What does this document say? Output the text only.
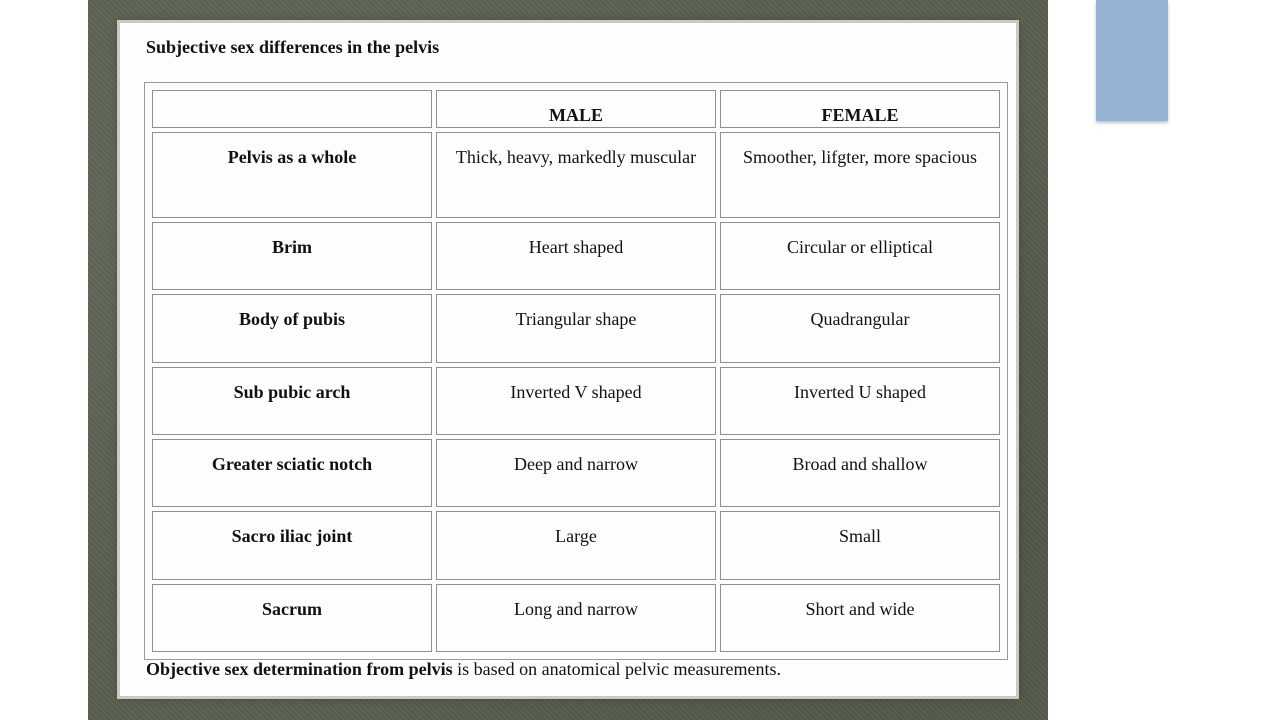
Subjective sex differences in the pelvis

	MALE	FEMALE
Pelvis as a whole	Thick, heavy, markedly muscular	Smoother, lifgter, more spacious
Brim	Heart shaped	Circular or elliptical
Body of pubis	Triangular shape	Quadrangular
Sub pubic arch	Inverted V shaped	Inverted U shaped
Greater sciatic notch	Deep and narrow	Broad and shallow
Sacro iliac joint	Large	Small
Sacrum	Long and narrow	Short and wide

Objective sex determination from pelvis is based on anatomical pelvic measurements.
